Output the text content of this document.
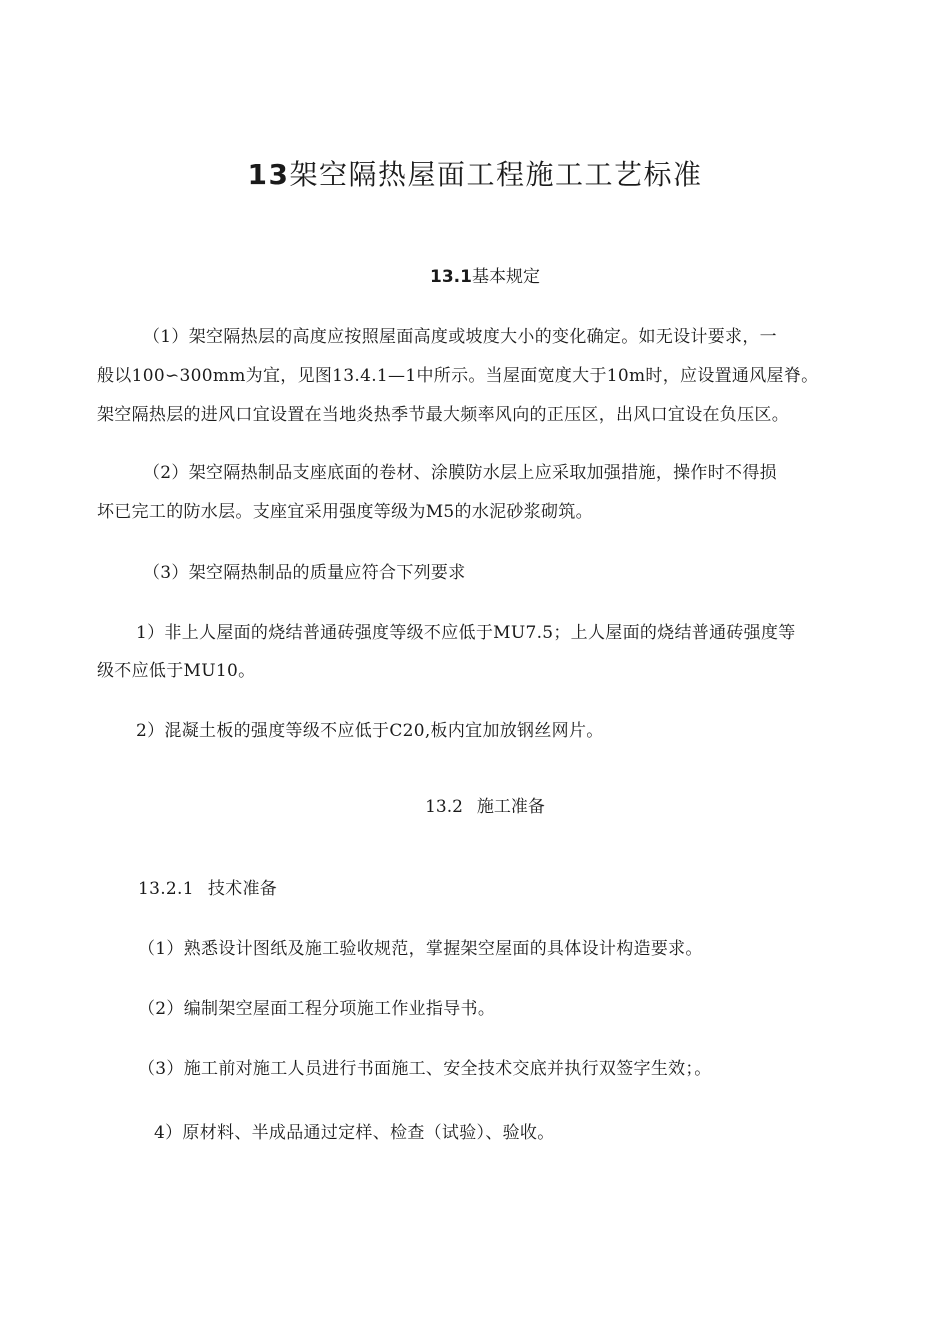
13架空隔热屋面工程施工工艺标准
13.1基本规定

（1）架空隔热层的高度应按照屋面高度或坡度大小的变化确定。如无设计要求，一

般以100∽300mm为宜，见图13.4.1—1中所示。当屋面宽度大于10m时，应设置通风屋脊。

架空隔热层的进风口宜设置在当地炎热季节最大频率风向的正压区，出风口宜设在负压区。

（2）架空隔热制品支座底面的卷材、涂膜防水层上应采取加强措施，操作时不得损

坏已完工的防水层。支座宜采用强度等级为M5的水泥砂浆砌筑。

（3）架空隔热制品的质量应符合下列要求

1）非上人屋面的烧结普通砖强度等级不应低于MU7.5；上人屋面的烧结普通砖强度等

级不应低于MU10。

2）混凝土板的强度等级不应低于C20,板内宜加放钢丝网片。

13.2 施工准备

13.2.1 技术准备

（1）熟悉设计图纸及施工验收规范，掌握架空屋面的具体设计构造要求。

（2）编制架空屋面工程分项施工作业指导书。

（3）施工前对施工人员进行书面施工、安全技术交底并执行双签字生效；。

4）原材料、半成品通过定样、检查（试验）、验收。
